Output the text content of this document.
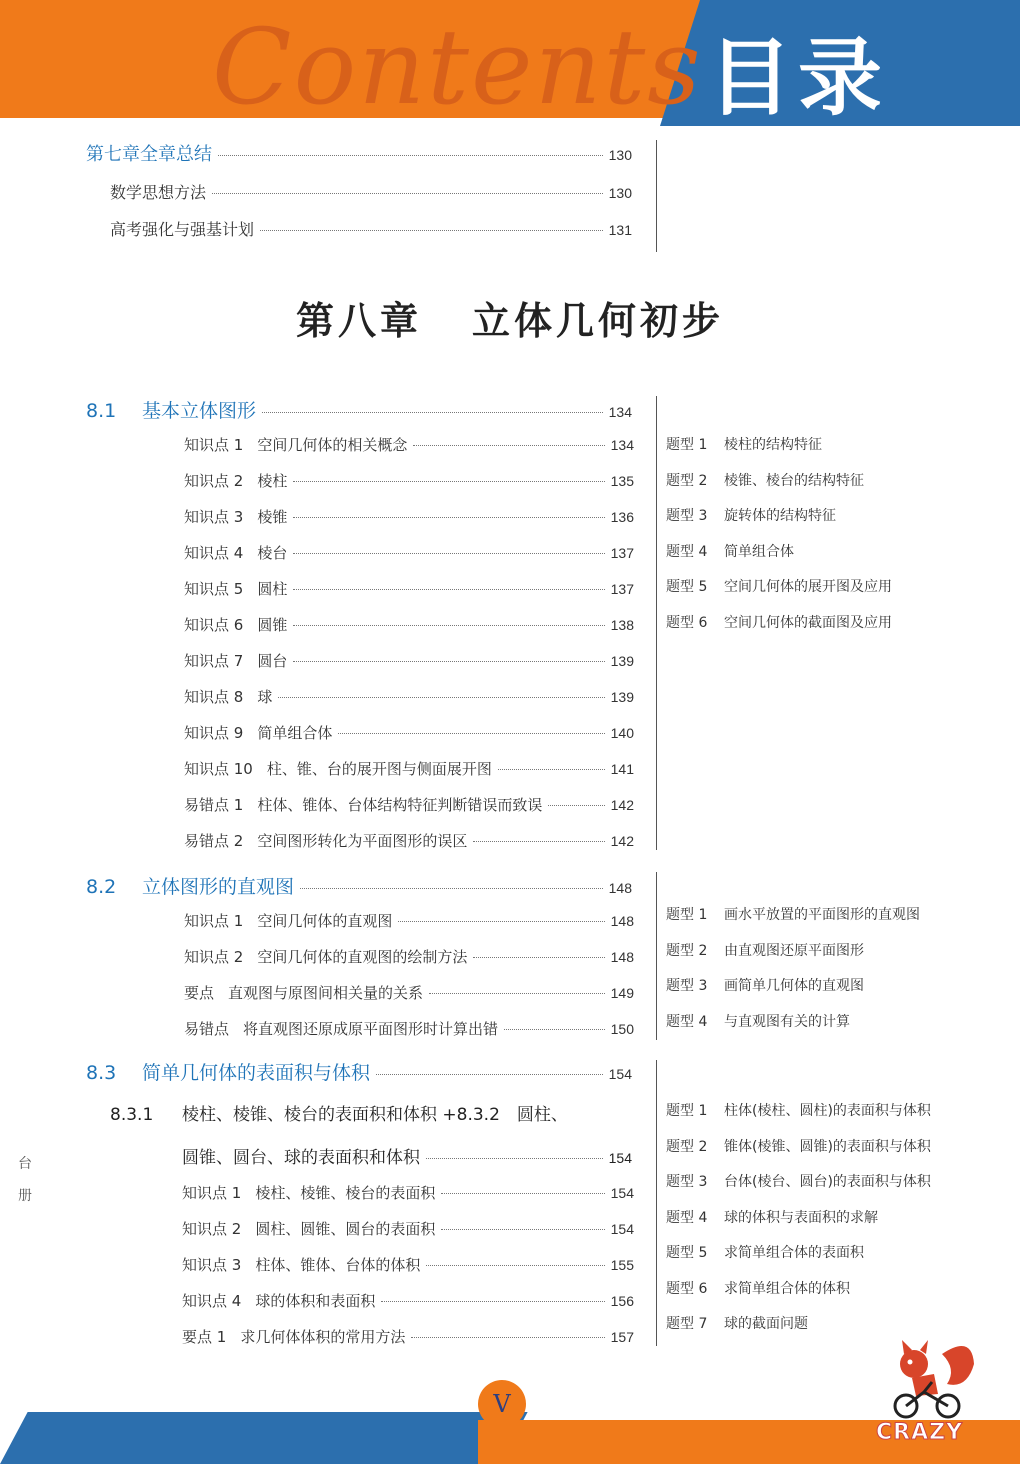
Contents 目录
第七章全章总结	130
数学思想方法	130
高考强化与强基计划	131
第八章 立体几何初步
8.1	基本立体图形	134
知识点 1 空间几何体的相关概念	134
知识点 2 棱柱	135
知识点 3 棱锥	136
知识点 4 棱台	137
知识点 5 圆柱	137
知识点 6 圆锥	138
知识点 7 圆台	139
知识点 8 球	139
知识点 9 简单组合体	140
知识点 10 柱、锥、台的展开图与侧面展开图	141
易错点 1 柱体、锥体、台体结构特征判断错误而致误	142
易错点 2 空间图形转化为平面图形的误区	142
题型 1 棱柱的结构特征
题型 2 棱锥、棱台的结构特征
题型 3 旋转体的结构特征
题型 4 简单组合体
题型 5 空间几何体的展开图及应用
题型 6 空间几何体的截面图及应用
8.2	立体图形的直观图	148
知识点 1 空间几何体的直观图	148
知识点 2 空间几何体的直观图的绘制方法	148
要点 直观图与原图间相关量的关系	149
易错点 将直观图还原成原平面图形时计算出错	150
题型 1 画水平放置的平面图形的直观图
题型 2 由直观图还原平面图形
题型 3 画简单几何体的直观图
题型 4 与直观图有关的计算
8.3	简单几何体的表面积与体积	154
8.3.1	棱柱、棱锥、棱台的表面积和体积 +8.3.2　圆柱、
圆锥、圆台、球的表面积和体积	154
知识点 1 棱柱、棱锥、棱台的表面积	154
知识点 2 圆柱、圆锥、圆台的表面积	154
知识点 3 柱体、锥体、台体的体积	155
知识点 4 球的体积和表面积	156
要点 1 求几何体体积的常用方法	157
题型 1 柱体(棱柱、圆柱)的表面积与体积
题型 2 锥体(棱锥、圆锥)的表面积与体积
题型 3 台体(棱台、圆台)的表面积与体积
题型 4 球的体积与表面积的求解
题型 5 求简单组合体的表面积
题型 6 求简单组合体的体积
题型 7 球的截面问题
台
册
V
CRAZY
